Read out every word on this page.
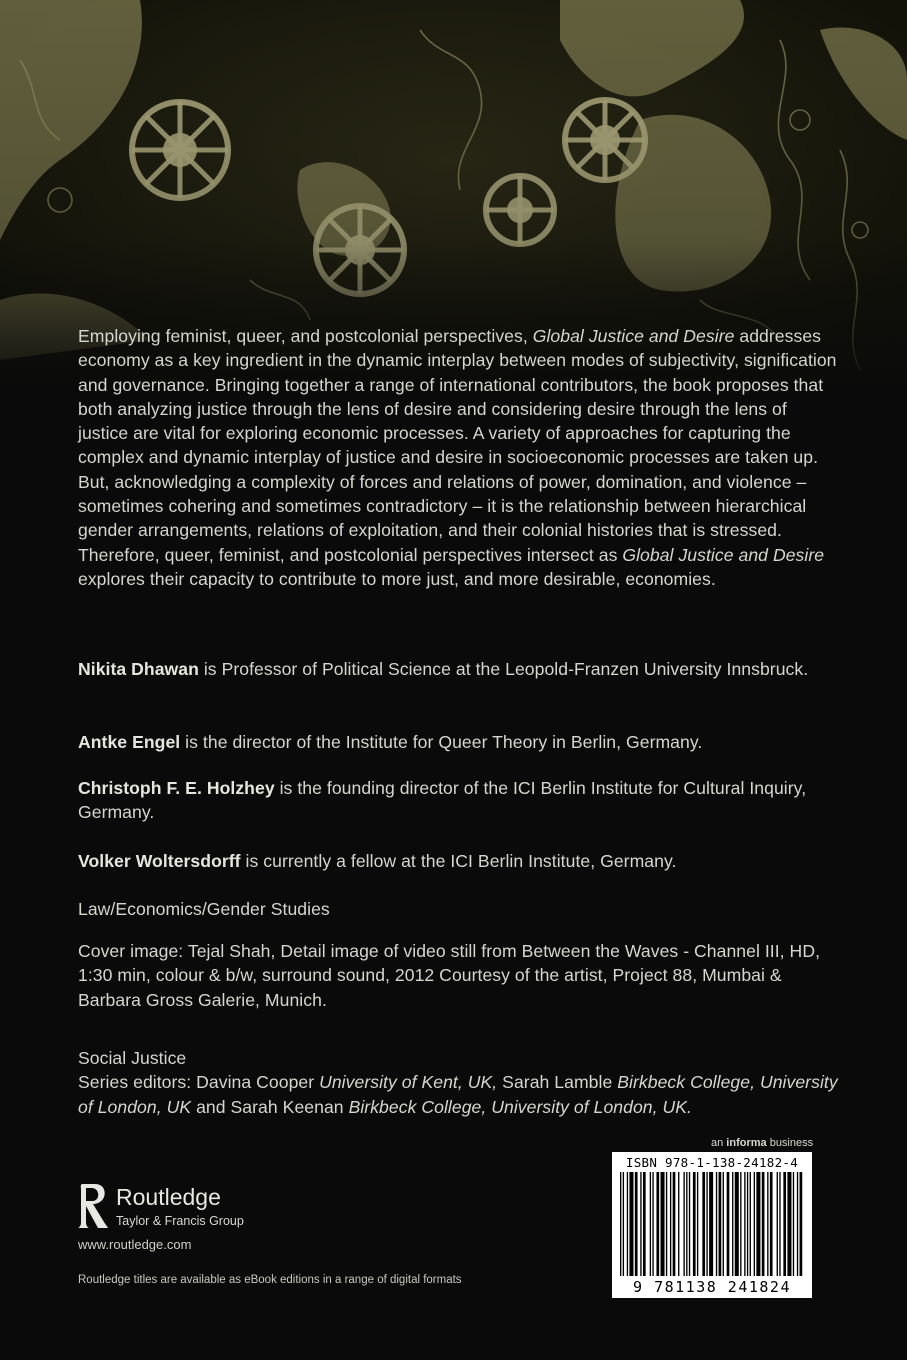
Employing feminist, queer, and postcolonial perspectives, Global Justice and Desire addresses economy as a key ingredient in the dynamic interplay between modes of subjectivity, signification and governance. Bringing together a range of international contributors, the book proposes that both analyzing justice through the lens of desire and considering desire through the lens of justice are vital for exploring economic processes. A variety of approaches for capturing the complex and dynamic interplay of justice and desire in socioeconomic processes are taken up. But, acknowledging a complexity of forces and relations of power, domination, and violence – sometimes cohering and sometimes contradictory – it is the relationship between hierarchical gender arrangements, relations of exploitation, and their colonial histories that is stressed. Therefore, queer, feminist, and postcolonial perspectives intersect as Global Justice and Desire explores their capacity to contribute to more just, and more desirable, economies.
Nikita Dhawan is Professor of Political Science at the Leopold-Franzen University Innsbruck.
Antke Engel is the director of the Institute for Queer Theory in Berlin, Germany.
Christoph F. E. Holzhey is the founding director of the ICI Berlin Institute for Cultural Inquiry, Germany.
Volker Woltersdorff is currently a fellow at the ICI Berlin Institute, Germany.
Law/Economics/Gender Studies
Cover image: Tejal Shah, Detail image of video still from Between the Waves - Channel III, HD, 1:30 min, colour & b/w, surround sound, 2012 Courtesy of the artist, Project 88, Mumbai & Barbara Gross Galerie, Munich.
Social Justice
Series editors: Davina Cooper University of Kent, UK, Sarah Lamble Birkbeck College, University of London, UK and Sarah Keenan Birkbeck College, University of London, UK.
Routledge
Taylor & Francis Group
www.routledge.com
Routledge titles are available as eBook editions in a range of digital formats
an informa business
ISBN 978-1-138-24182-4
9 781138 241824
